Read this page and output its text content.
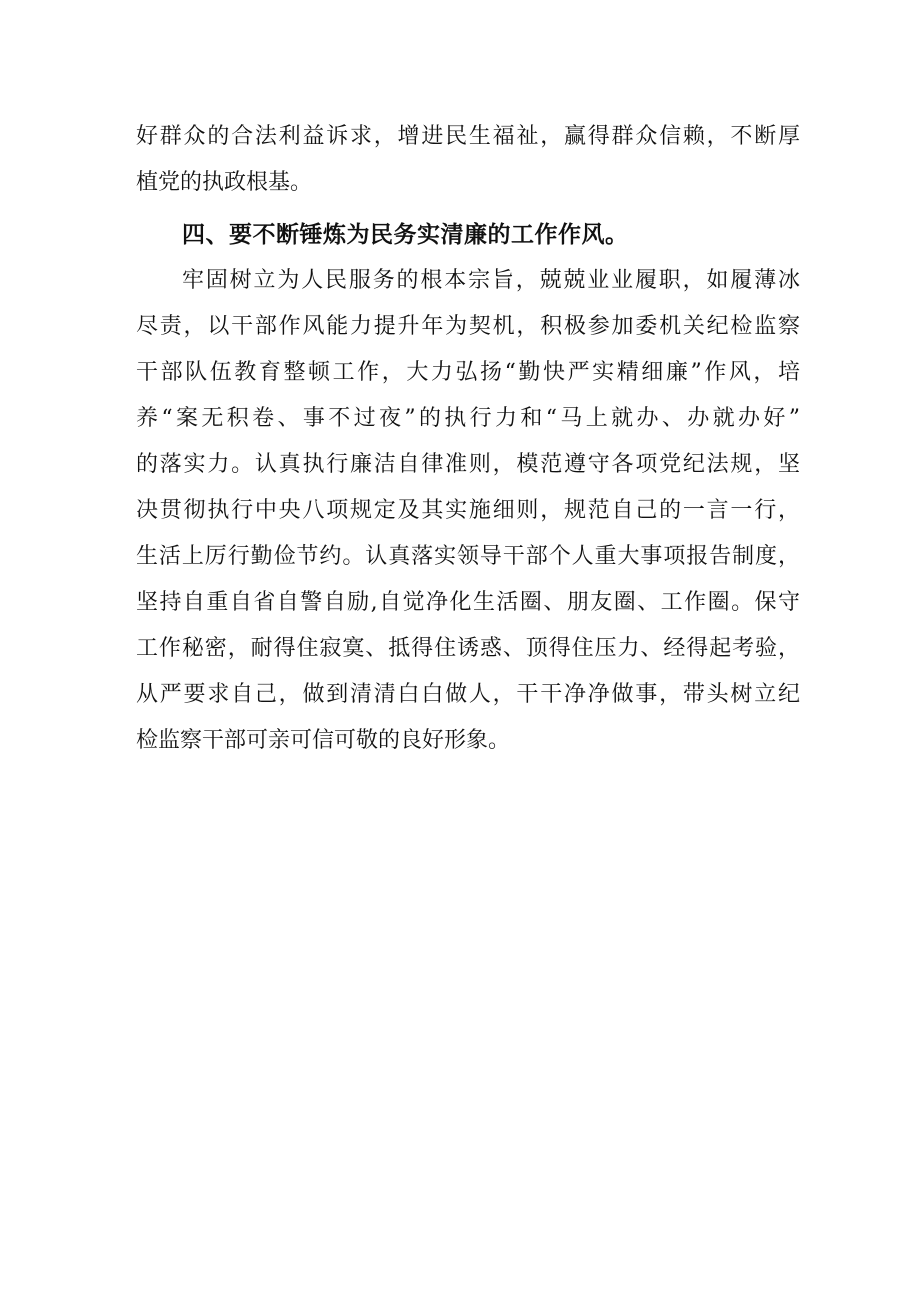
好群众的合法利益诉求，增进民生福祉，赢得群众信赖，不断厚
植党的执政根基。
四、要不断锤炼为民务实清廉的工作作风。
牢固树立为人民服务的根本宗旨，兢兢业业履职，如履薄冰
尽责，以干部作风能力提升年为契机，积极参加委机关纪检监察
干部队伍教育整顿工作，大力弘扬“勤快严实精细廉”作风，培
养“案无积卷、事不过夜”的执行力和“马上就办、办就办好”
的落实力。认真执行廉洁自律准则，模范遵守各项党纪法规，坚
决贯彻执行中央八项规定及其实施细则，规范自己的一言一行，
生活上厉行勤俭节约。认真落实领导干部个人重大事项报告制度，
坚持自重自省自警自励,自觉净化生活圈、朋友圈、工作圈。保守
工作秘密，耐得住寂寞、抵得住诱惑、顶得住压力、经得起考验，
从严要求自己，做到清清白白做人，干干净净做事，带头树立纪
检监察干部可亲可信可敬的良好形象。
